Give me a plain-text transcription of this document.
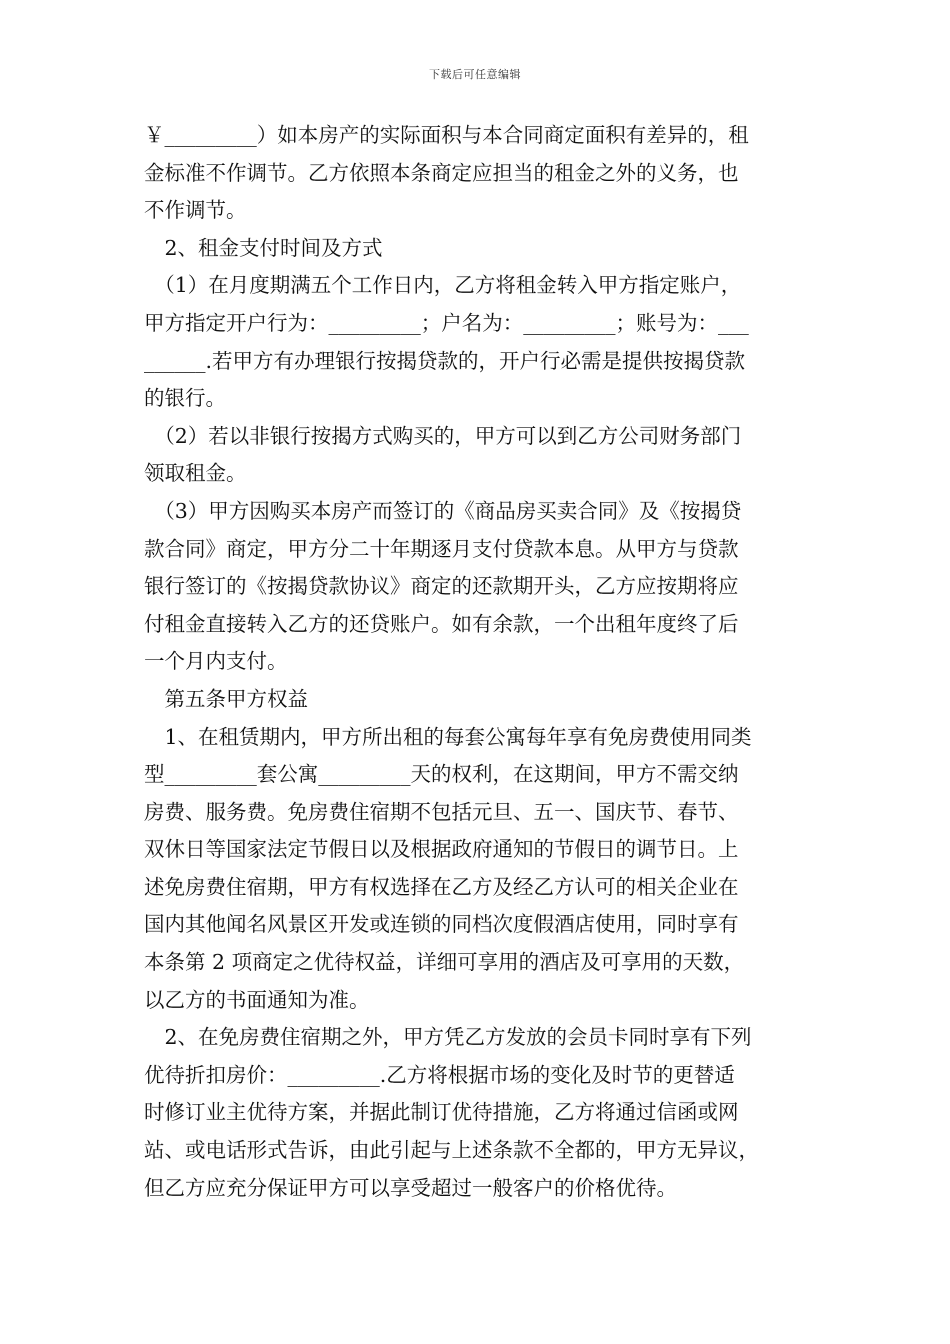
下载后可任意编辑
￥_________）如本房产的实际面积与本合同商定面积有差异的，租
金标准不作调节。乙方依照本条商定应担当的租金之外的义务，也
不作调节。
　2、租金支付时间及方式
　（1）在月度期满五个工作日内，乙方将租金转入甲方指定账户，
甲方指定开户行为：_________；户名为：_________；账号为：___
______.若甲方有办理银行按揭贷款的，开户行必需是提供按揭贷款
的银行。
　（2）若以非银行按揭方式购买的，甲方可以到乙方公司财务部门
领取租金。
　（3）甲方因购买本房产而签订的《商品房买卖合同》及《按揭贷
款合同》商定，甲方分二十年期逐月支付贷款本息。从甲方与贷款
银行签订的《按揭贷款协议》商定的还款期开头，乙方应按期将应
付租金直接转入乙方的还贷账户。如有余款，一个出租年度终了后
一个月内支付。
　第五条甲方权益
　1、在租赁期内，甲方所出租的每套公寓每年享有免房费使用同类
型_________套公寓_________天的权利，在这期间，甲方不需交纳
房费、服务费。免房费住宿期不包括元旦、五一、国庆节、春节、
双休日等国家法定节假日以及根据政府通知的节假日的调节日。上
述免房费住宿期，甲方有权选择在乙方及经乙方认可的相关企业在
国内其他闻名风景区开发或连锁的同档次度假酒店使用，同时享有
本条第 2 项商定之优待权益，详细可享用的酒店及可享用的天数，
以乙方的书面通知为准。
　2、在免房费住宿期之外，甲方凭乙方发放的会员卡同时享有下列
优待折扣房价：_________.乙方将根据市场的变化及时节的更替适
时修订业主优待方案，并据此制订优待措施，乙方将通过信函或网
站、或电话形式告诉，由此引起与上述条款不全都的，甲方无异议，
但乙方应充分保证甲方可以享受超过一般客户的价格优待。
